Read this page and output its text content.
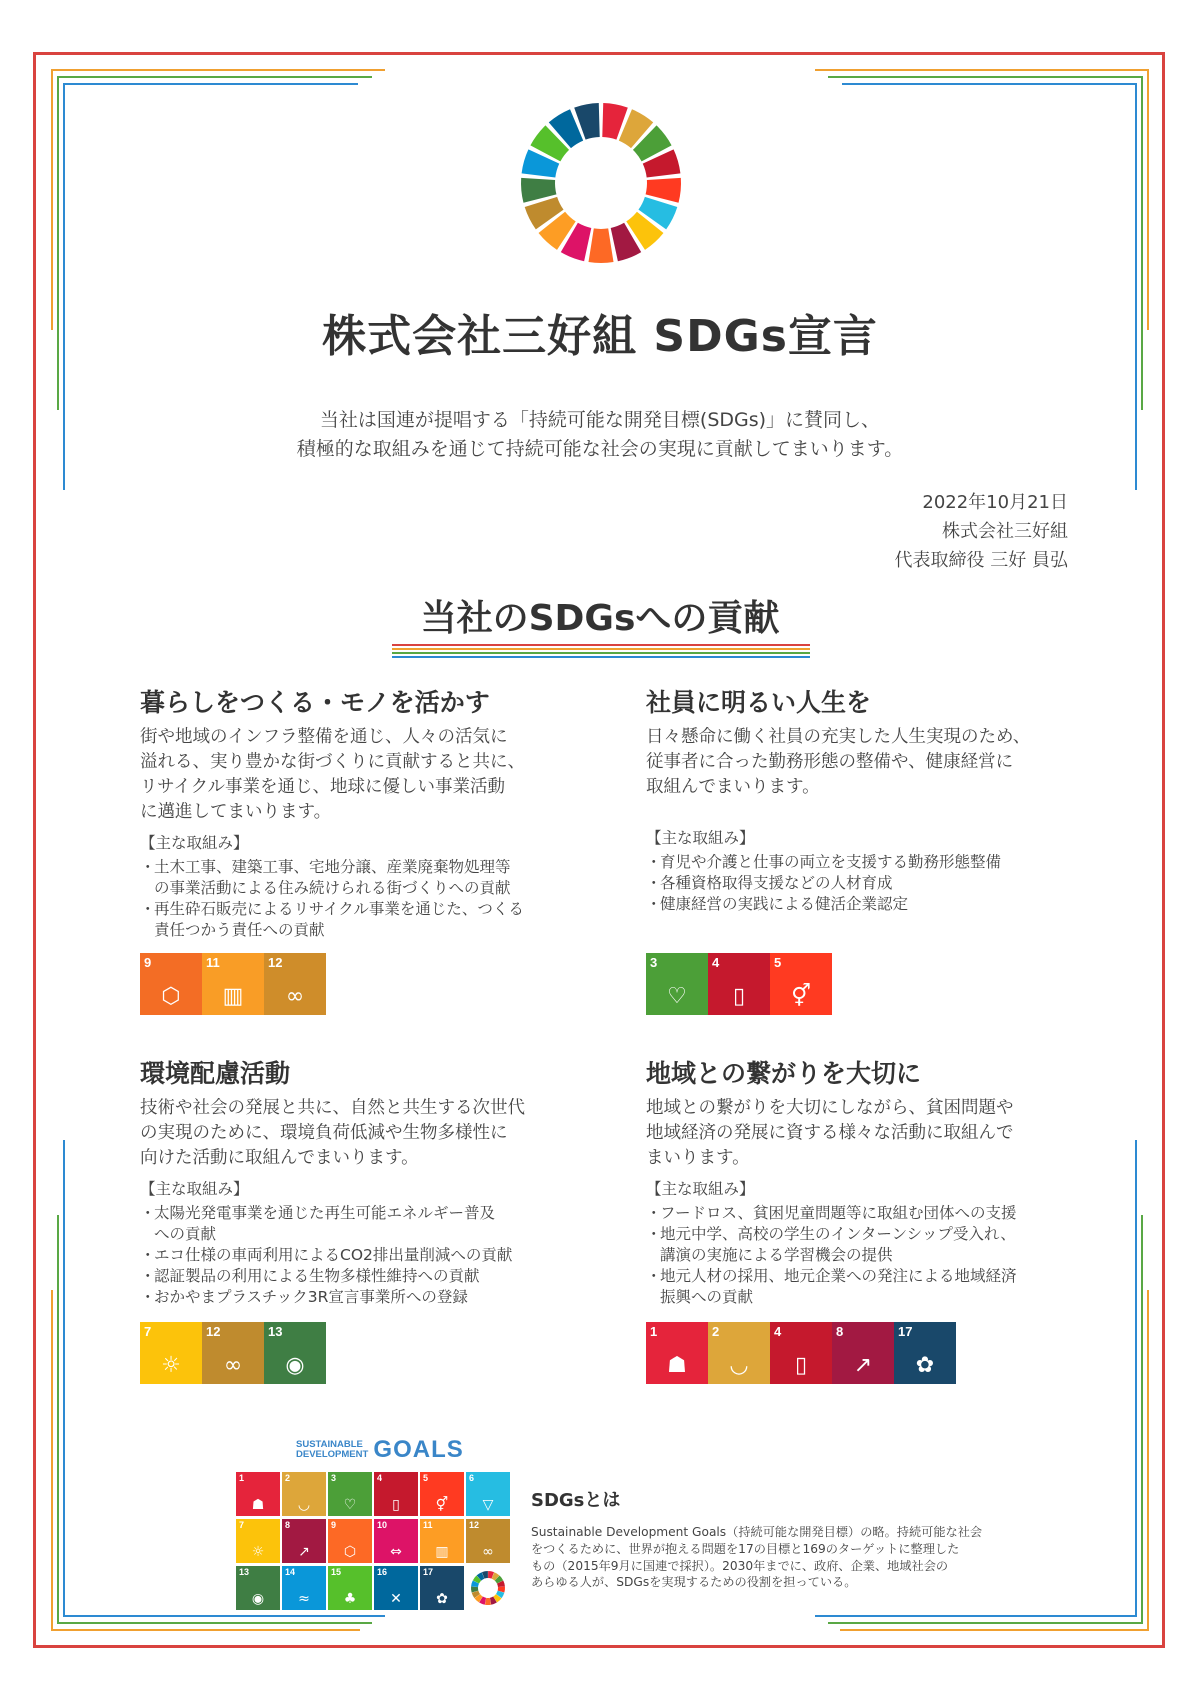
株式会社三好組 SDGs宣言
当社は国連が提唱する「持続可能な開発目標(SDGs)」に賛同し、
積極的な取組みを通じて持続可能な社会の実現に貢献してまいります。
2022年10月21日
株式会社三好組
代表取締役 三好 員弘
当社のSDGsへの貢献
暮らしをつくる・モノを活かす
街や地域のインフラ整備を通じ、人々の活気に
溢れる、実り豊かな街づくりに貢献すると共に、
リサイクル事業を通じ、地球に優しい事業活動
に邁進してまいります。
【主な取組み】
・土木工事、建築工事、宅地分譲、産業廃棄物処理等
の事業活動による住み続けられる街づくりへの貢献
・再生砕石販売によるリサイクル事業を通じた、つくる
責任つかう責任への貢献
社員に明るい人生を
日々懸命に働く社員の充実した人生実現のため、
従事者に合った勤務形態の整備や、健康経営に
取組んでまいります。
【主な取組み】
・育児や介護と仕事の両立を支援する勤務形態整備
・各種資格取得支援などの人材育成
・健康経営の実践による健活企業認定
環境配慮活動
技術や社会の発展と共に、自然と共生する次世代
の実現のために、環境負荷低減や生物多様性に
向けた活動に取組んでまいります。
【主な取組み】
・太陽光発電事業を通じた再生可能エネルギー普及
への貢献
・エコ仕様の車両利用によるCO2排出量削減への貢献
・認証製品の利用による生物多様性維持への貢献
・おかやまプラスチック3R宣言事業所への登録
地域との繋がりを大切に
地域との繋がりを大切にしながら、貧困問題や
地域経済の発展に資する様々な活動に取組んで
まいります。
【主な取組み】
・フードロス、貧困児童問題等に取組む団体への支援
・地元中学、高校の学生のインターンシップ受入れ、
講演の実施による学習機会の提供
・地元人材の採用、地元企業への発注による地域経済
振興への貢献
9
⬡
11
▥
12
∞
3
♡
4
▯
5
⚥
7
☼
12
∞
13
◉
1
☗
2
◡
4
▯
8
↗
17
✿
SUSTAINABLE
DEVELOPMENT GOALS
1
☗
2
◡
3
♡
4
▯
5
⚥
6
▽
7
☼
8
↗
9
⬡
10
⇔
11
▥
12
∞
13
◉
14
≈
15
♣
16
✕
17
✿
SDGsとは
Sustainable Development Goals（持続可能な開発目標）の略。持続可能な社会
をつくるために、世界が抱える問題を17の目標と169のターゲットに整理した
もの（2015年9月に国連で採択）。2030年までに、政府、企業、地域社会の
あらゆる人が、SDGsを実現するための役割を担っている。
